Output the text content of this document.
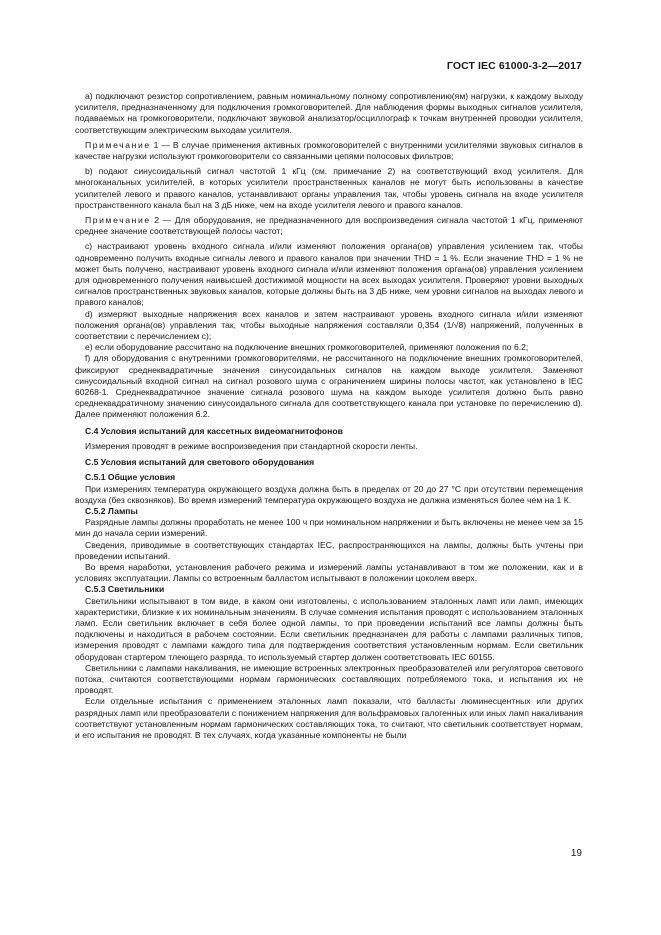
ГОСТ IEC 61000-3-2—2017

а) подключают резистор сопротивлением, равным номинальному полному сопротивлению(ям) нагрузки, к каждому выходу усилителя, предназначенному для подключения громкоговорителей. Для наблюдения формы выходных сигналов усилителя, подаваемых на громкоговорители, подключают звуковой анализатор/осциллограф к точкам внутренней проводки усилителя, соответствующим электрическим выходам усилителя.

Примечание 1 — В случае применения активных громкоговорителей с внутренними усилителями звуковых сигналов в качестве нагрузки используют громкоговорители со связанными цепями полосовых фильтров;

b) подают синусоидальный сигнал частотой 1 кГц (см. примечание 2) на соответствующий вход усилителя. Для многоканальных усилителей, в которых усилители пространственных каналов не могут быть использованы в качестве усилителей левого и правого каналов, устанавливают органы управления так, чтобы уровень сигнала на входе усилителя пространственного канала был на 3 дБ ниже, чем на входе усилителя левого и правого каналов.

Примечание 2 — Для оборудования, не предназначенного для воспроизведения сигнала частотой 1 кГц, применяют среднее значение соответствующей полосы частот;

с) настраивают уровень входного сигнала и/или изменяют положения органа(ов) управления усилением так, чтобы одновременно получить входные сигналы левого и правого каналов при значении THD = 1 %. Если значение THD = 1 % не может быть получено, настраивают уровень входного сигнала и/или изменяют положения органа(ов) управления усилением для одновременного получения наивысшей достижимой мощности на всех выходах усилителя. Проверяют уровни выходных сигналов пространственных звуковых каналов, которые должны быть на 3 дБ ниже, чем уровни сигналов на выходах левого и правого каналов;

d) измеряют выходные напряжения всех каналов и затем настраивают уровень входного сигнала и/или изменяют положения органа(ов) управления так, чтобы выходные напряжения составляли 0,354 (1/√8) напряжений, полученных в соответствии с перечислением с);

е) если оборудование рассчитано на подключение внешних громкоговорителей, применяют положения по 6.2;

f) для оборудования с внутренними громкоговорителями, не рассчитанного на подключение внешних громкоговорителей, фиксируют среднеквадратичные значения синусоидальных сигналов на каждом выходе усилителя. Заменяют синусоидальный входной сигнал на сигнал розового шума с ограничением ширины полосы частот, как установлено в IEC 60268-1. Среднеквадратичное значение сигнала розового шума на каждом выходе усилителя должно быть равно среднеквадратичному значению синусоидального сигнала для соответствующего канала при установке по перечислению d). Далее применяют положения 6.2.

С.4 Условия испытаний для кассетных видеомагнитофонов

Измерения проводят в режиме воспроизведения при стандартной скорости ленты.

С.5 Условия испытаний для светового оборудования

С.5.1 Общие условия

При измерениях температура окружающего воздуха должна быть в пределах от 20 до 27 °С при отсутствии перемещения воздуха (без сквозняков). Во время измерений температура окружающего воздуха не должна изменяться более чем на 1 К.

С.5.2 Лампы

Разрядные лампы должны проработать не менее 100 ч при номинальном напряжении и быть включены не менее чем за 15 мин до начала серии измерений.

Сведения, приводимые в соответствующих стандартах IEC, распространяющихся на лампы, должны быть учтены при проведении испытаний.

Во время наработки, установления рабочего режима и измерений лампы устанавливают в том же положении, как и в условиях эксплуатации. Лампы со встроенным балластом испытывают в положении цоколем вверх.

С.5.3 Светильники

Светильники испытывают в том виде, в каком они изготовлены, с использованием эталонных ламп или ламп, имеющих характеристики, близкие к их номинальным значениям. В случае сомнения испытания проводят с использованием эталонных ламп. Если светильник включает в себя более одной лампы, то при проведении испытаний все лампы должны быть подключены и находиться в рабочем состоянии. Если светильник предназначен для работы с лампами различных типов, измерения проводят с лампами каждого типа для подтверждения соответствия установленным нормам. Если светильник оборудован стартером тлеющего разряда, то используемый стартер должен соответствовать IEC 60155.

Светильники с лампами накаливания, не имеющие встроенных электронных преобразователей или регуляторов светового потока, считаются соответствующими нормам гармонических составляющих потребляемого тока, и испытания их не проводят.

Если отдельные испытания с применением эталонных ламп показали, что балласты люминесцентных или других разрядных ламп или преобразователи с понижением напряжения для вольфрамовых галогенных или иных ламп накаливания соответствуют установленным нормам гармонических составляющих тока, то считают, что светильник соответствует нормам, и его испытания не проводят. В тех случаях, когда указанные компоненты не были

19
